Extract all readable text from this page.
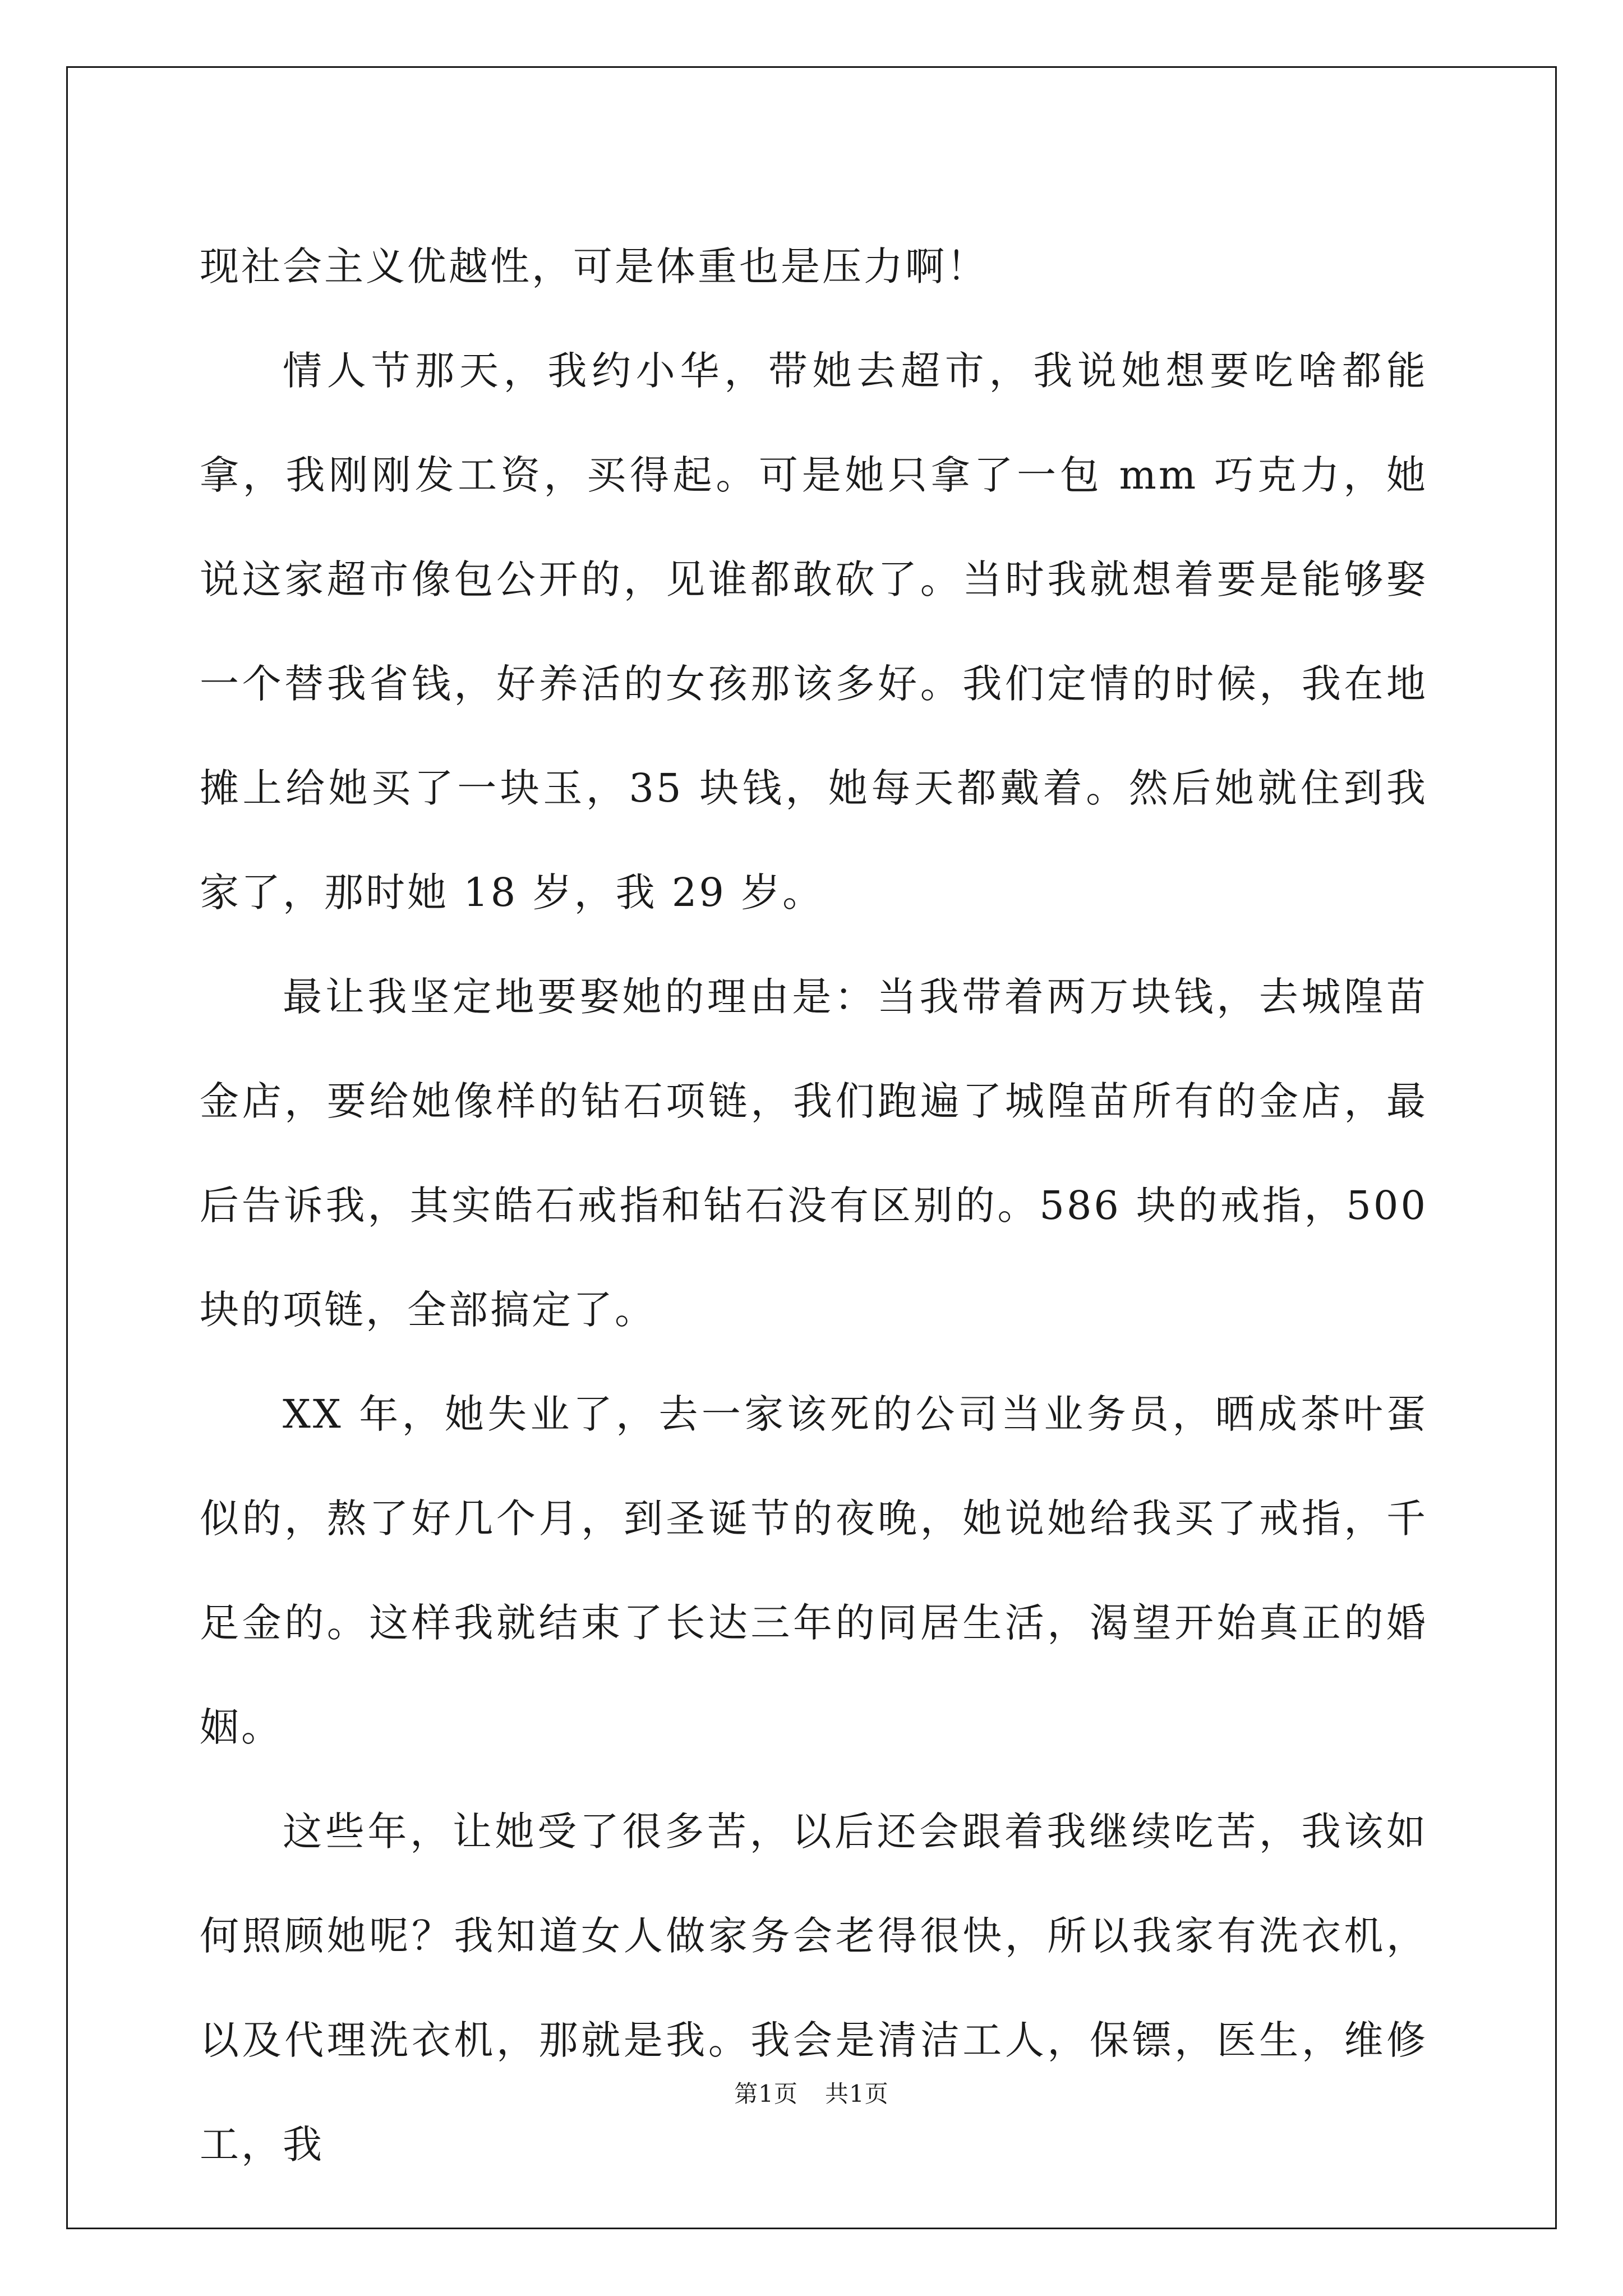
现社会主义优越性，可是体重也是压力啊！

情人节那天，我约小华，带她去超市，我说她想要吃啥都能拿，我刚刚发工资，买得起。可是她只拿了一包 mm 巧克力，她说这家超市像包公开的，见谁都敢砍了。当时我就想着要是能够娶一个替我省钱，好养活的女孩那该多好。我们定情的时候，我在地摊上给她买了一块玉，35 块钱，她每天都戴着。然后她就住到我家了，那时她 18 岁，我 29 岁。

最让我坚定地要娶她的理由是：当我带着两万块钱，去城隍苗金店，要给她像样的钻石项链，我们跑遍了城隍苗所有的金店，最后告诉我，其实皓石戒指和钻石没有区别的。586 块的戒指，500 块的项链，全部搞定了。

XX 年，她失业了，去一家该死的公司当业务员，晒成茶叶蛋似的，熬了好几个月，到圣诞节的夜晚，她说她给我买了戒指，千足金的。这样我就结束了长达三年的同居生活，渴望开始真正的婚姻。

这些年，让她受了很多苦，以后还会跟着我继续吃苦，我该如何照顾她呢？我知道女人做家务会老得很快，所以我家有洗衣机，以及代理洗衣机，那就是我。我会是清洁工人，保镖，医生，维修工，我

第1页 共1页
